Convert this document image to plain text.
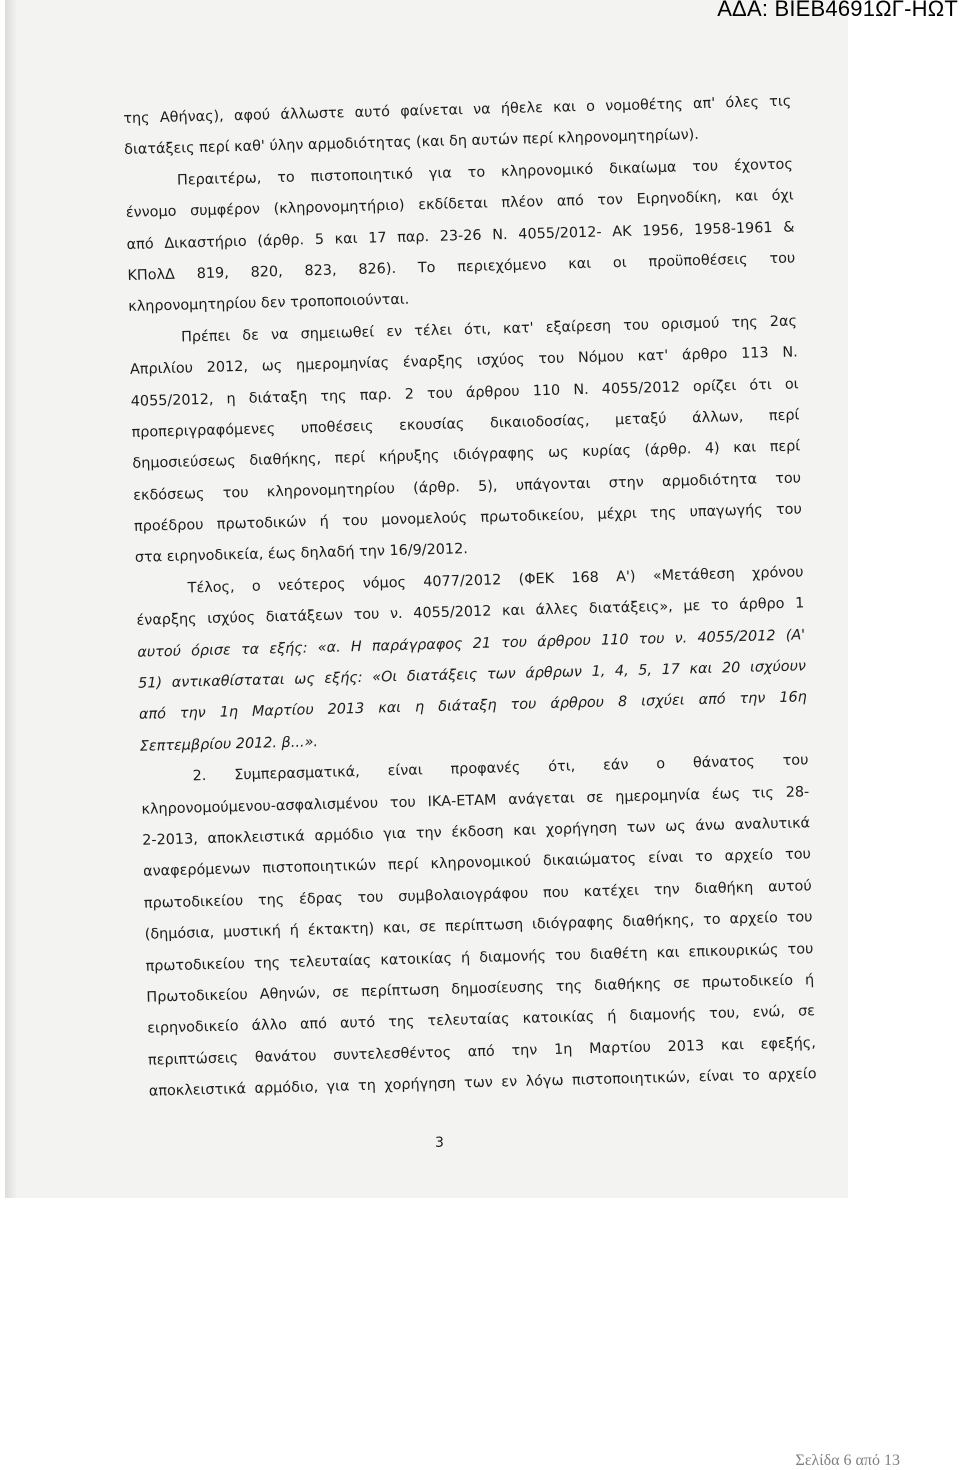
της Αθήνας), αφού άλλωστε αυτό φαίνεται να ήθελε και ο νομοθέτης απ' όλες τις
διατάξεις περί καθ' ύλην αρμοδιότητας (και δη αυτών περί κληρονομητηρίων).
Περαιτέρω, το πιστοποιητικό για το κληρονομικό δικαίωμα του έχοντος
έννομο συμφέρον (κληρονομητήριο) εκδίδεται πλέον από τον Ειρηνοδίκη, και όχι
από Δικαστήριο (άρθρ. 5 και 17 παρ. 23-26 Ν. 4055/2012- ΑΚ 1956, 1958-1961 &
ΚΠολΔ 819, 820, 823, 826). Το περιεχόμενο και οι προϋποθέσεις του
κληρονομητηρίου δεν τροποποιούνται.
Πρέπει δε να σημειωθεί εν τέλει ότι, κατ' εξαίρεση του ορισμού της 2ας
Απριλίου 2012, ως ημερομηνίας έναρξης ισχύος του Νόμου κατ' άρθρο 113 Ν.
4055/2012, η διάταξη της παρ. 2 του άρθρου 110 Ν. 4055/2012 ορίζει ότι οι
προπεριγραφόμενες υποθέσεις εκουσίας δικαιοδοσίας, μεταξύ άλλων, περί
δημοσιεύσεως διαθήκης, περί κήρυξης ιδιόγραφης ως κυρίας (άρθρ. 4) και περί
εκδόσεως του κληρονομητηρίου (άρθρ. 5), υπάγονται στην αρμοδιότητα του
προέδρου πρωτοδικών ή του μονομελούς πρωτοδικείου, μέχρι της υπαγωγής του
στα ειρηνοδικεία, έως δηλαδή την 16/9/2012.
Τέλος, ο νεότερος νόμος 4077/2012 (ΦΕΚ 168 Α') «Μετάθεση χρόνου
έναρξης ισχύος διατάξεων του ν. 4055/2012 και άλλες διατάξεις», με το άρθρο 1
αυτού όρισε τα εξής: «α. Η παράγραφος 21 του άρθρου 110 του ν. 4055/2012 (Α'
51) αντικαθίσταται ως εξής: «Οι διατάξεις των άρθρων 1, 4, 5, 17 και 20 ισχύουν
από την 1η Μαρτίου 2013 και η διάταξη του άρθρου 8 ισχύει από την 16η
Σεπτεμβρίου 2012. β...».
2. Συμπερασματικά, είναι προφανές ότι, εάν ο θάνατος του
κληρονομούμενου-ασφαλισμένου του ΙΚΑ-ΕΤΑΜ ανάγεται σε ημερομηνία έως τις 28-
2-2013, αποκλειστικά αρμόδιο για την έκδοση και χορήγηση των ως άνω αναλυτικά
αναφερόμενων πιστοποιητικών περί κληρονομικού δικαιώματος είναι το αρχείο του
πρωτοδικείου της έδρας του συμβολαιογράφου που κατέχει την διαθήκη αυτού
(δημόσια, μυστική ή έκτακτη) και, σε περίπτωση ιδιόγραφης διαθήκης, το αρχείο του
πρωτοδικείου της τελευταίας κατοικίας ή διαμονής του διαθέτη και επικουρικώς του
Πρωτοδικείου Αθηνών, σε περίπτωση δημοσίευσης της διαθήκης σε πρωτοδικείο ή
ειρηνοδικείο άλλο από αυτό της τελευταίας κατοικίας ή διαμονής του, ενώ, σε
περιπτώσεις θανάτου συντελεσθέντος από την 1η Μαρτίου 2013 και εφεξής,
αποκλειστικά αρμόδιο, για τη χορήγηση των εν λόγω πιστοποιητικών, είναι το αρχείο
3
ΑΔΑ: ΒΙΕΒ4691ΩΓ-ΗΩΤ
Σελίδα 6 από 13
